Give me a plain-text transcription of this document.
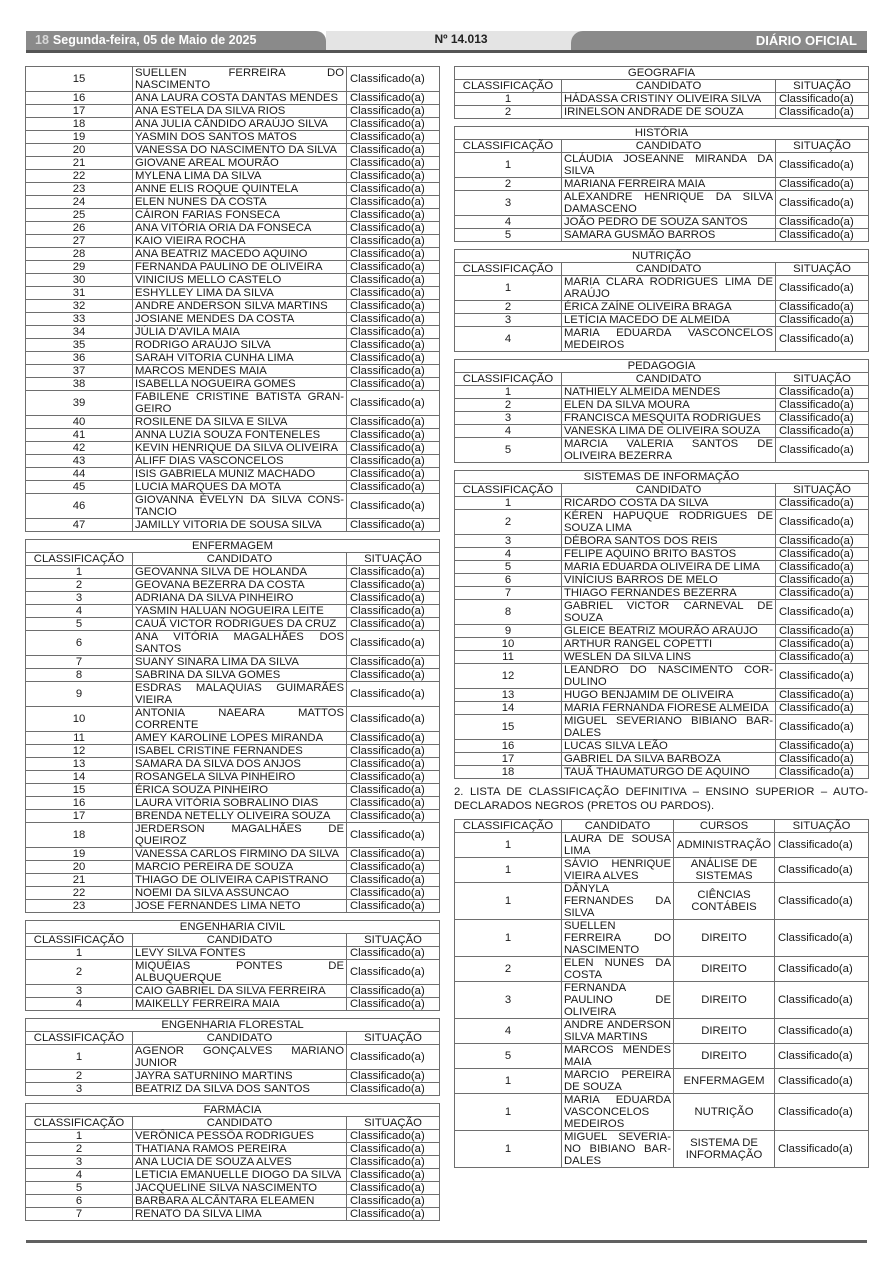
18 Segunda-feira, 05 de Maio de 2025	Nº 14.013	DIÁRIO OFICIAL
15	SUELLEN FERREIRA DO NASCIMENTO	Classificado(a)
16	ANA LAURA COSTA DANTAS MENDES	Classificado(a)
17	ANA ESTELA DA SILVA RIOS	Classificado(a)
18	ANA JULIA CÂNDIDO ARAÚJO SILVA	Classificado(a)
19	YASMIN DOS SANTOS MATOS	Classificado(a)
20	VANESSA DO NASCIMENTO DA SILVA	Classificado(a)
21	GIOVANE AREAL MOURÃO	Classificado(a)
22	MYLENA LIMA DA SILVA	Classificado(a)
23	ANNE ELIS ROQUE QUINTELA	Classificado(a)
24	ELEN NUNES DA COSTA	Classificado(a)
25	CÁIRON FARIAS FONSECA	Classificado(a)
26	ANA VITÓRIA ORIA DA FONSECA	Classificado(a)
27	KAIO VIEIRA ROCHA	Classificado(a)
28	ANA BEATRIZ MACEDO AQUINO	Classificado(a)
29	FERNANDA PAULINO DE OLIVEIRA	Classificado(a)
30	VINICIUS MELLO CASTELO	Classificado(a)
31	ESHYLLEY LIMA DA SILVA	Classificado(a)
32	ANDRE ANDERSON SILVA MARTINS	Classificado(a)
33	JOSIANE MENDES DA COSTA	Classificado(a)
34	JÚLIA D'AVILA MAIA	Classificado(a)
35	RODRIGO ARAÚJO SILVA	Classificado(a)
36	SARAH VITORIA CUNHA LIMA	Classificado(a)
37	MARCOS MENDES MAIA	Classificado(a)
38	ISABELLA NOGUEIRA GOMES	Classificado(a)
39	FABILENE CRISTINE BATISTA GRAN-GEIRO	Classificado(a)
40	ROSILENE DA SILVA E SILVA	Classificado(a)
41	ANNA LUZIA SOUZA FONTENELES	Classificado(a)
42	KEVIN HENRIQUE DA SILVA OLIVEIRA	Classificado(a)
43	ÁLIFF DIAS VASCONCELOS	Classificado(a)
44	ISIS GABRIELA MUNIZ MACHADO	Classificado(a)
45	LUCIA MARQUES DA MOTA	Classificado(a)
46	GIOVANNA ÉVELYN DA SILVA CONS-TANCIO	Classificado(a)
47	JAMILLY VITORIA DE SOUSA SILVA	Classificado(a)
ENFERMAGEM		
CLASSIFICAÇÃO	CANDIDATO	SITUAÇÃO
1	GEOVANNA SILVA DE HOLANDA	Classificado(a)
2	GEOVANA BEZERRA DA COSTA	Classificado(a)
3	ADRIANA DA SILVA PINHEIRO	Classificado(a)
4	YASMIN HALUAN NOGUEIRA LEITE	Classificado(a)
5	CAUÃ VICTOR RODRIGUES DA CRUZ	Classificado(a)
6	ANA VITÓRIA MAGALHÃES DOS SANTOS	Classificado(a)
7	SUANY SINARA LIMA DA SILVA	Classificado(a)
8	SABRINA DA SILVA GOMES	Classificado(a)
9	ESDRAS MALAQUIAS GUIMARÃES VIEIRA	Classificado(a)
10	ANTONIA NAEARA MATTOS CORRENTE	Classificado(a)
11	AMEY KAROLINE LOPES MIRANDA	Classificado(a)
12	ISABEL CRISTINE FERNANDES	Classificado(a)
13	SAMARA DA SILVA DOS ANJOS	Classificado(a)
14	ROSANGELA SILVA PINHEIRO	Classificado(a)
15	ÉRICA SOUZA PINHEIRO	Classificado(a)
16	LAURA VITÓRIA SOBRALINO DIAS	Classificado(a)
17	BRENDA NETELLY OLIVEIRA SOUZA	Classificado(a)
18	JERDERSON MAGALHÃES DE QUEIROZ	Classificado(a)
19	VANESSA CARLOS FIRMINO DA SILVA	Classificado(a)
20	MARCIO PEREIRA DE SOUZA	Classificado(a)
21	THIAGO DE OLIVEIRA CAPISTRANO	Classificado(a)
22	NOEMI DA SILVA ASSUNCAO	Classificado(a)
23	JOSE FERNANDES LIMA NETO	Classificado(a)
ENGENHARIA CIVIL		
CLASSIFICAÇÃO	CANDIDATO	SITUAÇÃO
1	LEVY SILVA FONTES	Classificado(a)
2	MIQUÉIAS PONTES DE ALBUQUERQUE	Classificado(a)
3	CAIO GABRIEL DA SILVA FERREIRA	Classificado(a)
4	MAIKELLY FERREIRA MAIA	Classificado(a)
ENGENHARIA FLORESTAL		
CLASSIFICAÇÃO	CANDIDATO	SITUAÇÃO
1	AGENOR GONÇALVES MARIANO JUNIOR	Classificado(a)
2	JAYRA SATURNINO MARTINS	Classificado(a)
3	BEATRIZ DA SILVA DOS SANTOS	Classificado(a)
FARMÁCIA		
CLASSIFICAÇÃO	CANDIDATO	SITUAÇÃO
1	VERÔNICA PESSÔA RODRIGUES	Classificado(a)
2	THATIANA RAMOS PEREIRA	Classificado(a)
3	ANA LUCIA DE SOUZA ALVES	Classificado(a)
4	LETICIA EMANUELLE DIOGO DA SILVA	Classificado(a)
5	JACQUELINE SILVA NASCIMENTO	Classificado(a)
6	BARBARA ALCÂNTARA ELEAMEN	Classificado(a)
7	RENATO DA SILVA LIMA	Classificado(a)
GEOGRAFIA		
CLASSIFICAÇÃO	CANDIDATO	SITUAÇÃO
1	HÁDASSA CRISTINY OLIVEIRA SILVA	Classificado(a)
2	IRINELSON ANDRADE DE SOUZA	Classificado(a)
HISTÓRIA		
CLASSIFICAÇÃO	CANDIDATO	SITUAÇÃO
1	CLÁUDIA JOSEANNE MIRANDA DA SILVA	Classificado(a)
2	MARIANA FERREIRA MAIA	Classificado(a)
3	ALEXANDRE HENRIQUE DA SILVA DAMASCENO	Classificado(a)
4	JOÃO PEDRO DE SOUZA SANTOS	Classificado(a)
5	SAMARA GUSMÃO BARROS	Classificado(a)
NUTRIÇÃO		
CLASSIFICAÇÃO	CANDIDATO	SITUAÇÃO
1	MARIA CLARA RODRIGUES LIMA DE ARAÚJO	Classificado(a)
2	ÉRICA ZAÍNE OLIVEIRA BRAGA	Classificado(a)
3	LETÍCIA MACEDO DE ALMEIDA	Classificado(a)
4	MARIA EDUARDA VASCONCELOS MEDEIROS	Classificado(a)
PEDAGOGIA		
CLASSIFICAÇÃO	CANDIDATO	SITUAÇÃO
1	NATHIELY ALMEIDA MENDES	Classificado(a)
2	ELEN DA SILVA MOURA	Classificado(a)
3	FRANCISCA MESQUITA RODRIGUES	Classificado(a)
4	VANESKA LIMA DE OLIVEIRA SOUZA	Classificado(a)
5	MARCIA VALERIA SANTOS DE OLIVEIRA BEZERRA	Classificado(a)
SISTEMAS DE INFORMAÇÃO		
CLASSIFICAÇÃO	CANDIDATO	SITUAÇÃO
1	RICARDO COSTA DA SILVA	Classificado(a)
2	KÉREN HAPUQUE RODRIGUES DE SOUZA LIMA	Classificado(a)
3	DÉBORA SANTOS DOS REIS	Classificado(a)
4	FELIPE AQUINO BRITO BASTOS	Classificado(a)
5	MARIA EDUARDA OLIVEIRA DE LIMA	Classificado(a)
6	VINÍCIUS BARROS DE MELO	Classificado(a)
7	THIAGO FERNANDES BEZERRA	Classificado(a)
8	GABRIEL VICTOR CARNEVAL DE SOUZA	Classificado(a)
9	GLEICE BEATRIZ MOURÃO ARAÚJO	Classificado(a)
10	ARTHUR RANGEL COPETTI	Classificado(a)
11	WESLEN DA SILVA LINS	Classificado(a)
12	LEANDRO DO NASCIMENTO COR-DULINO	Classificado(a)
13	HUGO BENJAMIM DE OLIVEIRA	Classificado(a)
14	MARIA FERNANDA FIORESE ALMEIDA	Classificado(a)
15	MIGUEL SEVERIANO BIBIANO BAR-DALES	Classificado(a)
16	LUCAS SILVA LEÃO	Classificado(a)
17	GABRIEL DA SILVA BARBOZA	Classificado(a)
18	TAUÃ THAUMATURGO DE AQUINO	Classificado(a)

2. LISTA DE CLASSIFICAÇÃO DEFINITIVA – ENSINO SUPERIOR – AUTO-DECLARADOS NEGROS (PRETOS OU PARDOS).

CLASSIFICAÇÃO	CANDIDATO	CURSOS	SITUAÇÃO
1	LAURA DE SOUSA LIMA	ADMINISTRAÇÃO	Classificado(a)
1	SÁVIO HENRIQUE VIEIRA ALVES	ANÁLISE DE SISTEMAS	Classificado(a)
1	DÂNYLA FERNANDES DA SILVA	CIÊNCIAS CONTÁBEIS	Classificado(a)
1	SUELLEN FERREIRA DO NASCIMENTO	DIREITO	Classificado(a)
2	ELEN NUNES DA COSTA	DIREITO	Classificado(a)
3	FERNANDA PAULINO DE OLIVEIRA	DIREITO	Classificado(a)
4	ANDRE ANDERSON SILVA MARTINS	DIREITO	Classificado(a)
5	MARCOS MENDES MAIA	DIREITO	Classificado(a)
1	MARCIO PEREIRA DE SOUZA	ENFERMAGEM	Classificado(a)
1	MARIA EDUARDA VASCONCELOS MEDEIROS	NUTRIÇÃO	Classificado(a)
1	MIGUEL SEVERIA-NO BIBIANO BAR-DALES	SISTEMA DE INFORMAÇÃO	Classificado(a)
